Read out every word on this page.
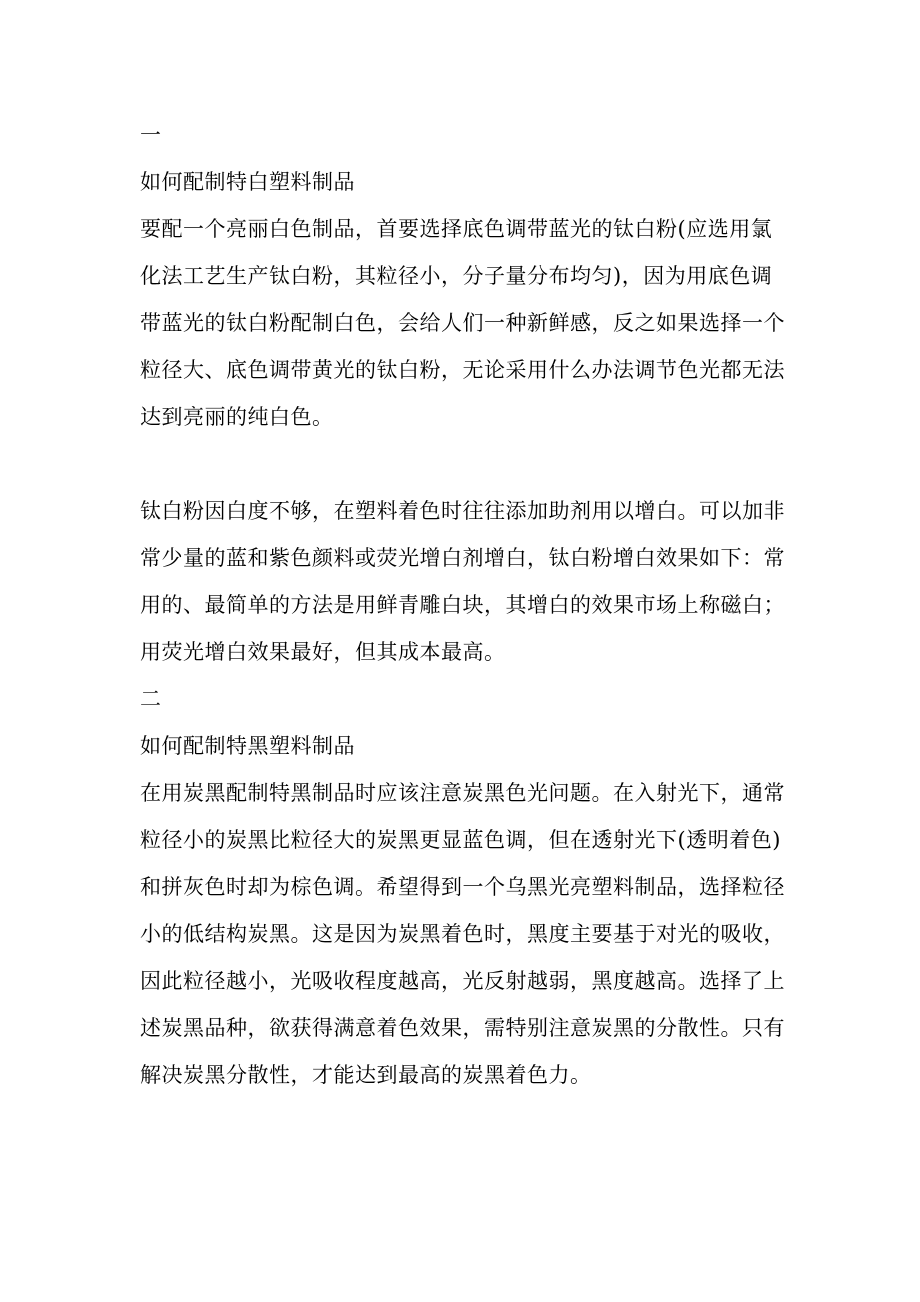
一
如何配制特白塑料制品

要配一个亮丽白色制品，首要选择底色调带蓝光的钛白粉(应选用氯
化法工艺生产钛白粉，其粒径小，分子量分布均匀)，因为用底色调
带蓝光的钛白粉配制白色，会给人们一种新鲜感，反之如果选择一个
粒径大、底色调带黄光的钛白粉，无论采用什么办法调节色光都无法
达到亮丽的纯白色。

钛白粉因白度不够，在塑料着色时往往添加助剂用以增白。可以加非
常少量的蓝和紫色颜料或荧光增白剂增白，钛白粉增白效果如下：常
用的、最简单的方法是用鲜青雕白块，其增白的效果市场上称磁白；
用荧光增白效果最好，但其成本最高。

二
如何配制特黑塑料制品

在用炭黑配制特黑制品时应该注意炭黑色光问题。在入射光下，通常
粒径小的炭黑比粒径大的炭黑更显蓝色调，但在透射光下(透明着色)
和拼灰色时却为棕色调。希望得到一个乌黑光亮塑料制品，选择粒径
小的低结构炭黑。这是因为炭黑着色时，黑度主要基于对光的吸收，
因此粒径越小，光吸收程度越高，光反射越弱，黑度越高。选择了上
述炭黑品种，欲获得满意着色效果，需特别注意炭黑的分散性。只有
解决炭黑分散性，才能达到最高的炭黑着色力。
